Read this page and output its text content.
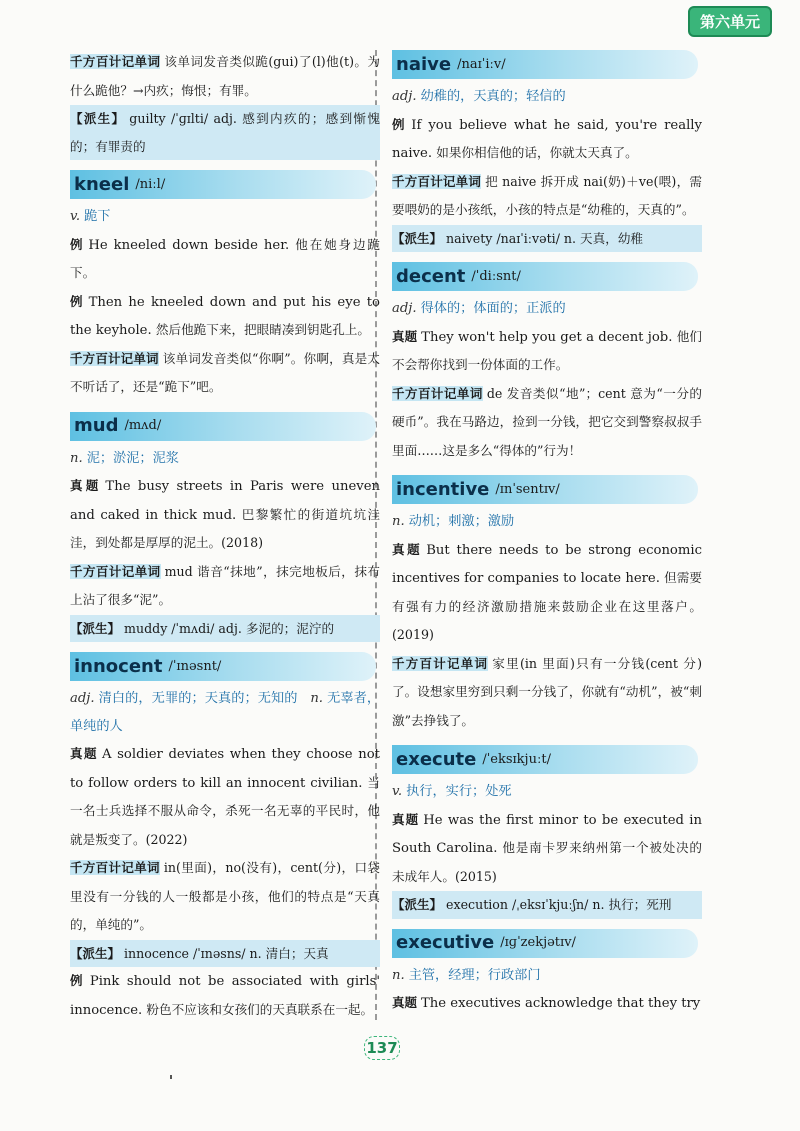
第六单元

千方百计记单词 该单词发音类似跪(gui)了(l)他(t)。为什么跪他？→内疚；悔恨；有罪。

【派生】 guilty /ˈɡɪlti/ adj. 感到内疚的；感到惭愧的；有罪责的

kneel /niːl/

v. 跪下

例 He kneeled down beside her. 他在她身边跪下。

例 Then he kneeled down and put his eye to the keyhole. 然后他跪下来，把眼睛凑到钥匙孔上。

千方百计记单词 该单词发音类似“你啊”。你啊，真是太不听话了，还是“跪下”吧。

mud /mʌd/

n. 泥；淤泥；泥浆

真题 The busy streets in Paris were uneven and caked in thick mud. 巴黎繁忙的街道坑坑洼洼，到处都是厚厚的泥土。(2018)

千方百计记单词 mud 谐音“抹地”，抹完地板后，抹布上沾了很多“泥”。

【派生】 muddy /ˈmʌdi/ adj. 多泥的；泥泞的

innocent /ˈɪnəsnt/

adj. 清白的，无罪的；天真的；无知的 n. 无辜者，单纯的人

真题 A soldier deviates when they choose not to follow orders to kill an innocent civilian. 当一名士兵选择不服从命令，杀死一名无辜的平民时，他就是叛变了。(2022)

千方百计记单词 in(里面)，no(没有)，cent(分)，口袋里没有一分钱的人一般都是小孩，他们的特点是“天真的，单纯的”。

【派生】 innocence /ˈɪnəsns/ n. 清白；天真

例 Pink should not be associated with girls' innocence. 粉色不应该和女孩们的天真联系在一起。

naive /naɪˈiːv/

adj. 幼稚的，天真的；轻信的

例 If you believe what he said, you're really naive. 如果你相信他的话，你就太天真了。

千方百计记单词 把 naive 拆开成 nai(奶)＋ve(喂)，需要喂奶的是小孩纸，小孩的特点是“幼稚的，天真的”。

【派生】 naivety /naɪˈiːvəti/ n. 天真，幼稚

decent /ˈdiːsnt/

adj. 得体的；体面的；正派的

真题 They won't help you get a decent job. 他们不会帮你找到一份体面的工作。

千方百计记单词 de 发音类似“地”；cent 意为“一分的硬币”。我在马路边，捡到一分钱，把它交到警察叔叔手里面……这是多么“得体的”行为！

incentive /ɪnˈsentɪv/

n. 动机；刺激；激励

真题 But there needs to be strong economic incentives for companies to locate here. 但需要有强有力的经济激励措施来鼓励企业在这里落户。(2019)

千方百计记单词 家里(in 里面)只有一分钱(cent 分)了。设想家里穷到只剩一分钱了，你就有“动机”，被“刺激”去挣钱了。

execute /ˈeksɪkjuːt/

v. 执行，实行；处死

真题 He was the first minor to be executed in South Carolina. 他是南卡罗来纳州第一个被处决的未成年人。(2015)

【派生】 execution /ˌeksɪˈkjuːʃn/ n. 执行；死刑

executive /ɪɡˈzekjətɪv/

n. 主管，经理；行政部门

真题 The executives acknowledge that they try

137
